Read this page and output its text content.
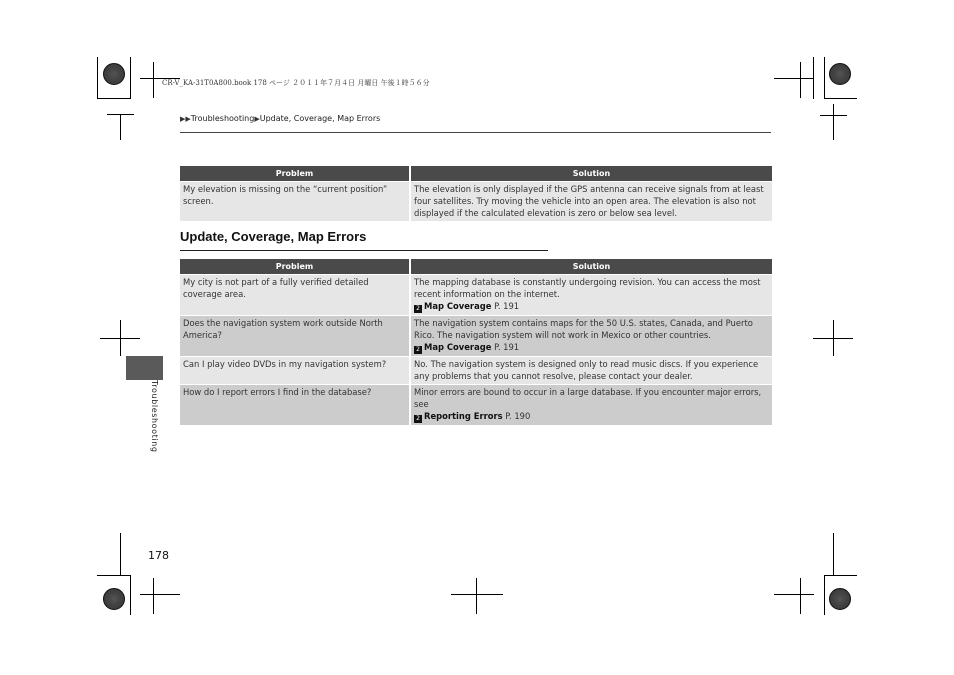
CR-V_KA-31T0A800.book 178 ページ ２０１１年７月４日 月曜日 午後１時５６分
▶▶Troubleshooting▶Update, Coverage, Map Errors
Troubleshooting
Problem	Solution
My elevation is missing on the “current position” screen.	The elevation is only displayed if the GPS antenna can receive signals from at least four satellites. Try moving the vehicle into an open area. The elevation is also not displayed if the calculated elevation is zero or below sea level.
Update, Coverage, Map Errors
Problem	Solution
My city is not part of a fully verified detailed coverage area.	The mapping database is constantly undergoing revision. You can access the most recent information on the internet.
2 Map Coverage P. 191

Does the navigation system work outside North America?	The navigation system contains maps for the 50 U.S. states, Canada, and Puerto Rico. The navigation system will not work in Mexico or other countries.
2 Map Coverage P. 191

Can I play video DVDs in my navigation system?	No. The navigation system is designed only to read music discs. If you experience any problems that you cannot resolve, please contact your dealer.
How do I report errors I find in the database?	Minor errors are bound to occur in a large database. If you encounter major errors, see
2 Reporting Errors P. 190
178
